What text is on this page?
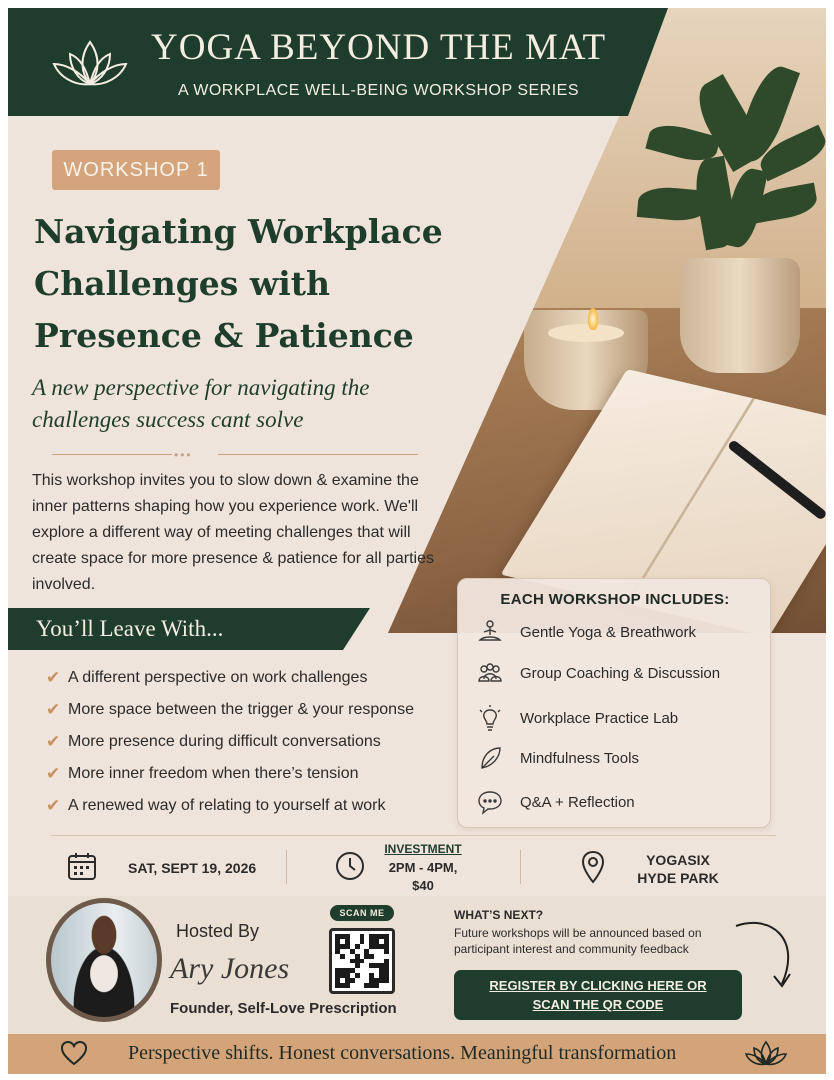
YOGA BEYOND THE MAT
A WORKPLACE WELL-BEING WORKSHOP SERIES
WORKSHOP 1
Navigating Workplace
Challenges with
Presence & Patience
A new perspective for navigating the
challenges success cant solve
•••
This workshop invites you to slow down & examine the inner patterns shaping how you experience work. We'll explore a different way of meeting challenges that will create space for more presence & patience for all parties involved.
You’ll Leave With...
✔ A different perspective on work challenges
✔ More space between the trigger & your response
✔ More presence during difficult conversations
✔ More inner freedom when there’s tension
✔ A renewed way of relating to yourself at work
EACH WORKSHOP INCLUDES:
Gentle Yoga & Breathwork
Group Coaching & Discussion
Workplace Practice Lab
Mindfulness Tools
Q&A + Reflection
SAT, SEPT 19, 2026
INVESTMENT
2PM - 4PM,
$40
YOGASIX
HYDE PARK
Hosted By
Ary Jones
Founder, Self-Love Prescription
SCAN ME	WHAT’S NEXT?
Future workshops will be announced based on participant interest and community feedback
REGISTER BY CLICKING HERE OR
SCAN THE QR CODE
Perspective shifts. Honest conversations. Meaningful transformation
